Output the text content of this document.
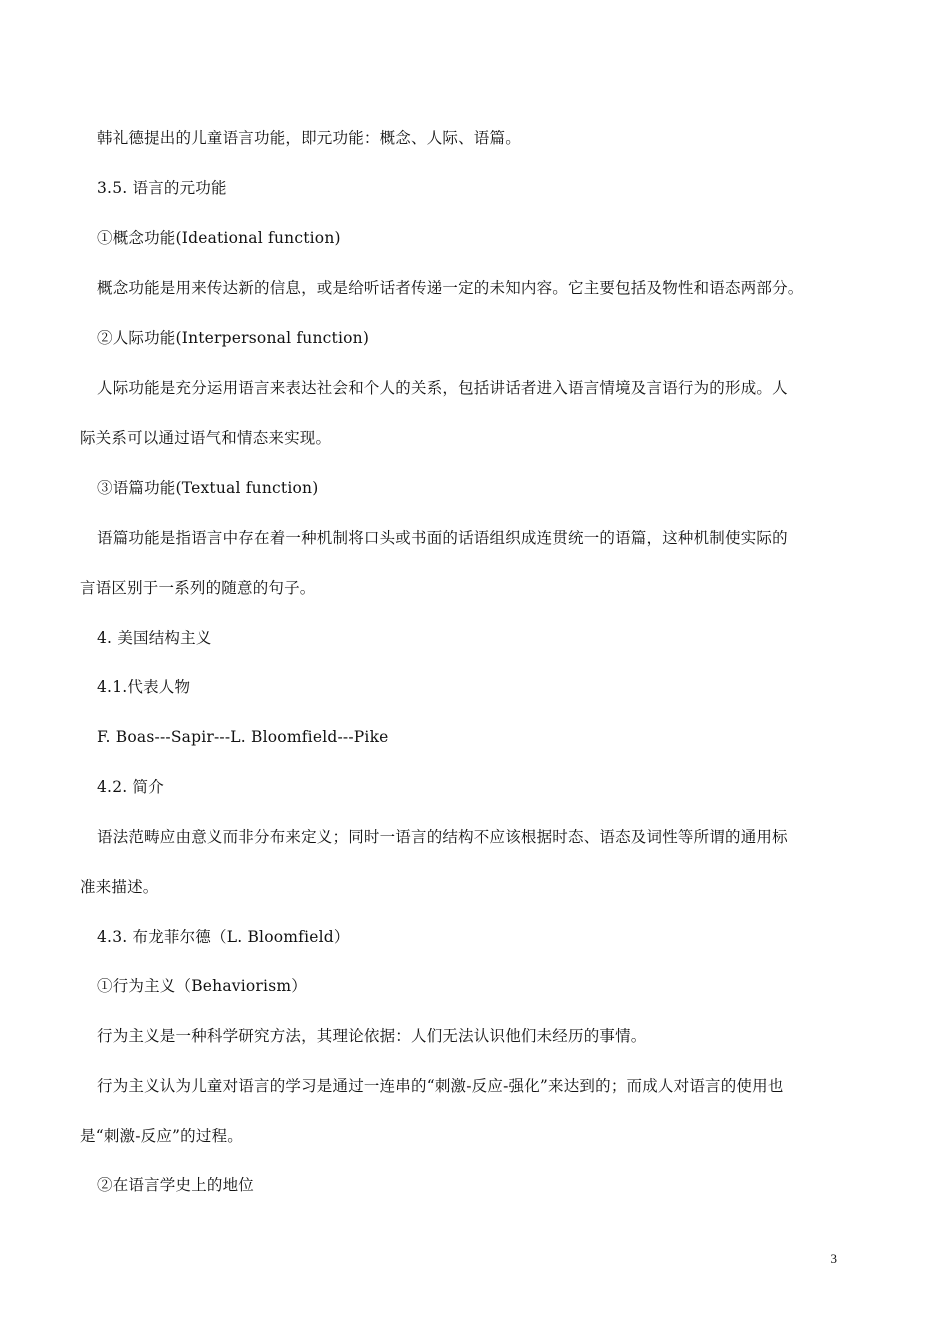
韩礼德提出的儿童语言功能，即元功能：概念、人际、语篇。
3.5. 语言的元功能
①概念功能(Ideational function)
概念功能是用来传达新的信息，或是给听话者传递一定的未知内容。它主要包括及物性和语态两部分。
②人际功能(Interpersonal function)
人际功能是充分运用语言来表达社会和个人的关系，包括讲话者进入语言情境及言语行为的形成。人
际关系可以通过语气和情态来实现。
③语篇功能(Textual function)
语篇功能是指语言中存在着一种机制将口头或书面的话语组织成连贯统一的语篇，这种机制使实际的
言语区别于一系列的随意的句子。
4. 美国结构主义
4.1.代表人物
F. Boas---Sapir---L. Bloomfield---Pike
4.2. 简介
语法范畴应由意义而非分布来定义；同时一语言的结构不应该根据时态、语态及词性等所谓的通用标
准来描述。
4.3. 布龙菲尔德（L. Bloomfield）
①行为主义（Behaviorism）
行为主义是一种科学研究方法，其理论依据：人们无法认识他们未经历的事情。
行为主义认为儿童对语言的学习是通过一连串的“刺激-反应-强化”来达到的；而成人对语言的使用也
是“刺激-反应”的过程。
②在语言学史上的地位
3
